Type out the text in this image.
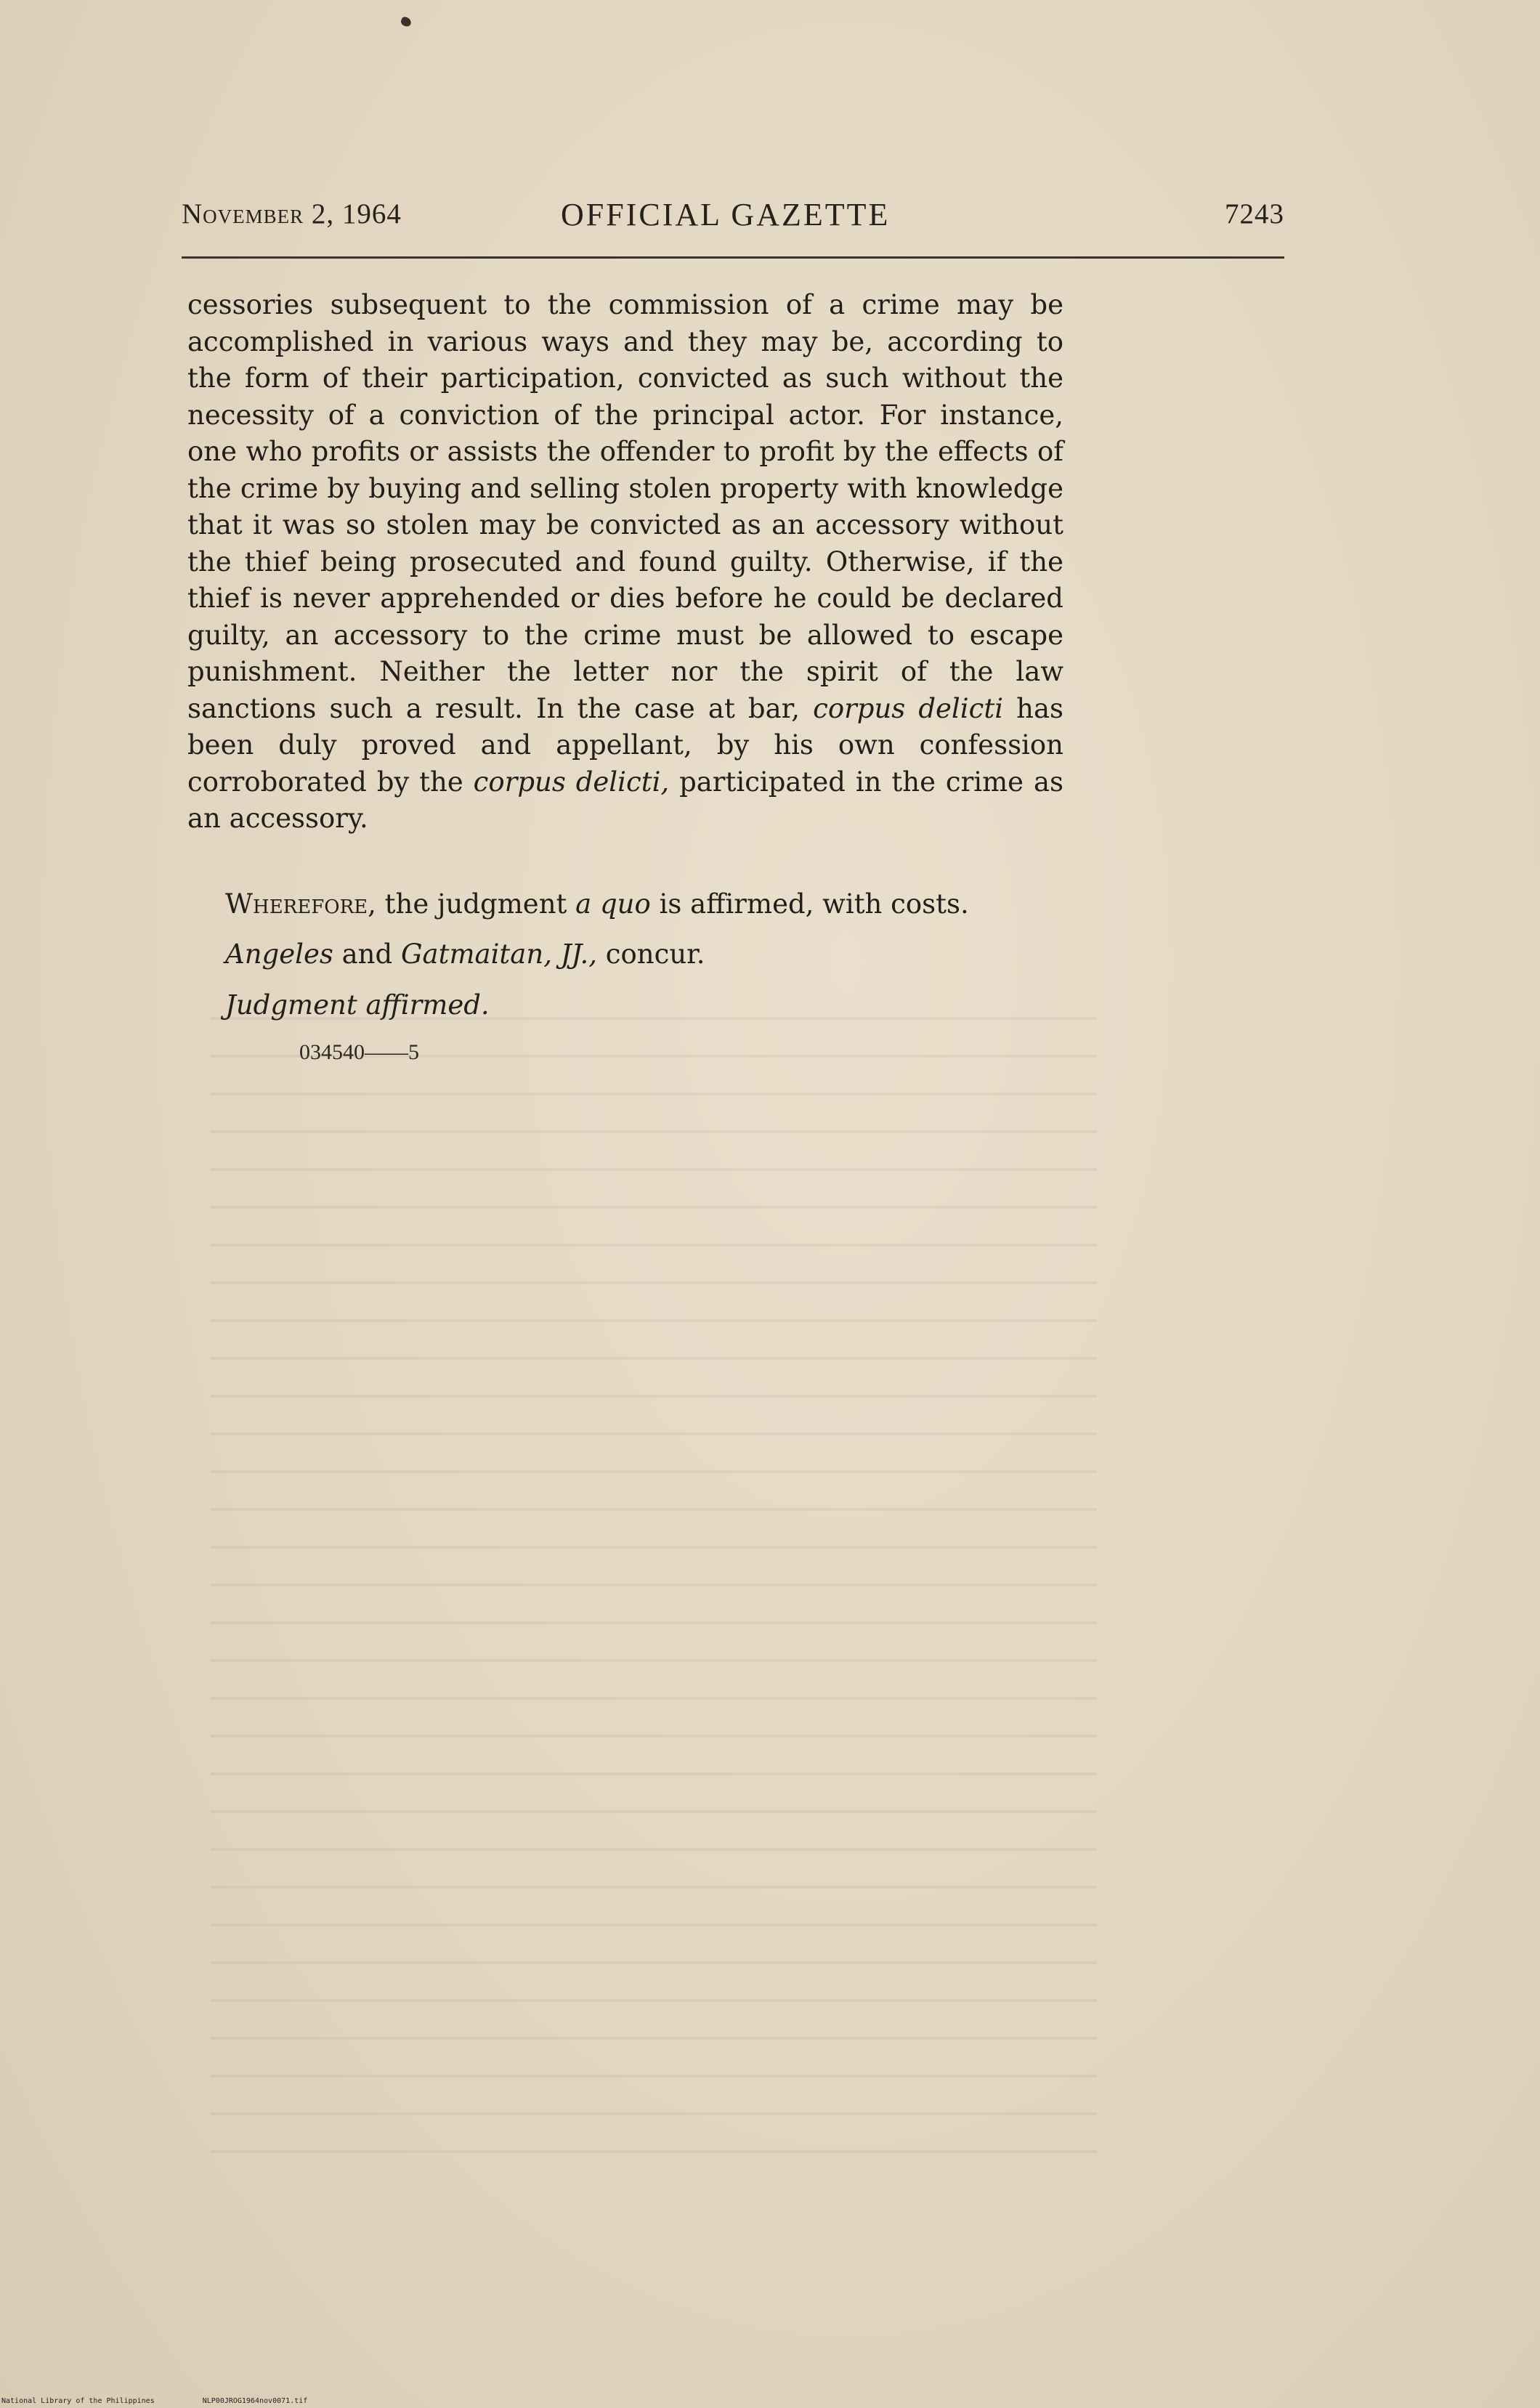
November 2, 1964	OFFICIAL GAZETTE	7243

cessories subsequent to the commission of a crime may be accomplished in various ways and they may be, according to the form of their participation, convicted as such without the necessity of a conviction of the principal actor. For instance, one who profits or assists the offender to profit by the effects of the crime by buying and selling stolen property with knowledge that it was so stolen may be convicted as an accessory without the thief being prosecuted and found guilty. Otherwise, if the thief is never apprehended or dies before he could be declared guilty, an accessory to the crime must be allowed to escape punishment. Neither the letter nor the spirit of the law sanctions such a result. In the case at bar, corpus delicti has been duly proved and appellant, by his own confession corroborated by the corpus delicti, participated in the crime as an accessory.

Wherefore, the judgment a quo is affirmed, with costs.

Angeles and Gatmaitan, JJ., concur.

Judgment affirmed.

034540——5
National Library of the Philippines	NLP00JROG1964nov0071.tif
